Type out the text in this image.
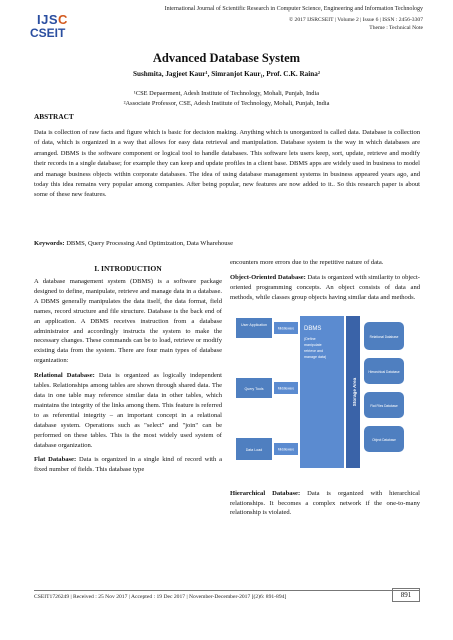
IJSC
CSEIT
International Journal of Scientific Research in Computer Science, Engineering and Information Technology
© 2017 IJSRCSEIT | Volume 2 | Issue 6 | ISSN : 2456-3307
Theme : Technical Note
Advanced Database System
Sushmita, Jagjeet Kaur¹, Simranjot Kaur₁, Prof. C.K. Raina²
¹CSE Depaerment, Adesh Institute of Technology, Mohali, Punjab, India
²Associate Professor, CSE, Adesh Institute of Technology, Mohali, Punjab, India
ABSTRACT
Data is collection of raw facts and figure which is basic for decision making. Anything which is unorganized is called data. Database is collection of data, which is organized in a way that allows for easy data retrieval and manipulation. Database system is the way in which databases are arranged. DBMS is the software component or logical tool to handle databases. This software lets users keep, sort, update, retrieve and modify their records in a single database; for example they can keep and update profiles in a client base. DBMS apps are widely used in business to model and manage business objects within corporate databases. The idea of using database management systems in business appeared years ago, and today this idea remains very popular among companies. After being popular, new features are now added to it.. So this research paper is about some of these new features.
Keywords: DBMS, Query Processing And Optimization, Data Wharehouse
I. INTRODUCTION

A database management system (DBMS) is a software package designed to define, manipulate, retrieve and manage data in a database. A DBMS generally manipulates the data itself, the data format, field names, record structure and file structure. Database is the back end of an application. A DBMS receives instruction from a database administrator and accordingly instructs the system to make the necessary changes. These commands can be to load, retrieve or modify existing data from the system. There are four main types of database organization:

Relational Database: Data is organized as logically independent tables. Relationships among tables are shown through shared data. The data in one table may reference similar data in other tables, which maintains the integrity of the links among them. This feature is referred to as referential integrity – an important concept in a relational database system. Operations such as "select" and "join" can be performed on these tables. This is the most widely used system of database organization.

Flat Database: Data is organized in a single kind of record with a fixed number of fields. This database type

encounters more errors due to the repetitive nature of data.

Object-Oriented Database: Data is organized with similarity to object-oriented programming concepts. An object consists of data and methods, while classes group objects having similar data and methods.

User Application
Query Tools
Data Load
Middleware
Middleware
Middleware
DBMS
(Define
manipulate
retrieve and
manage data)
Storage Area
Relational Database
Hierarchical Database
Flat Files Database
Object Database

Hierarchical Database: Data is organized with hierarchical relationships. It becomes a complex network if the one-to-many relationship is violated.

CSEIT1726249 | Received : 25 Nov 2017 | Accepted : 19 Dec 2017 | November-December-2017 [(2)6: 891-894]	891
